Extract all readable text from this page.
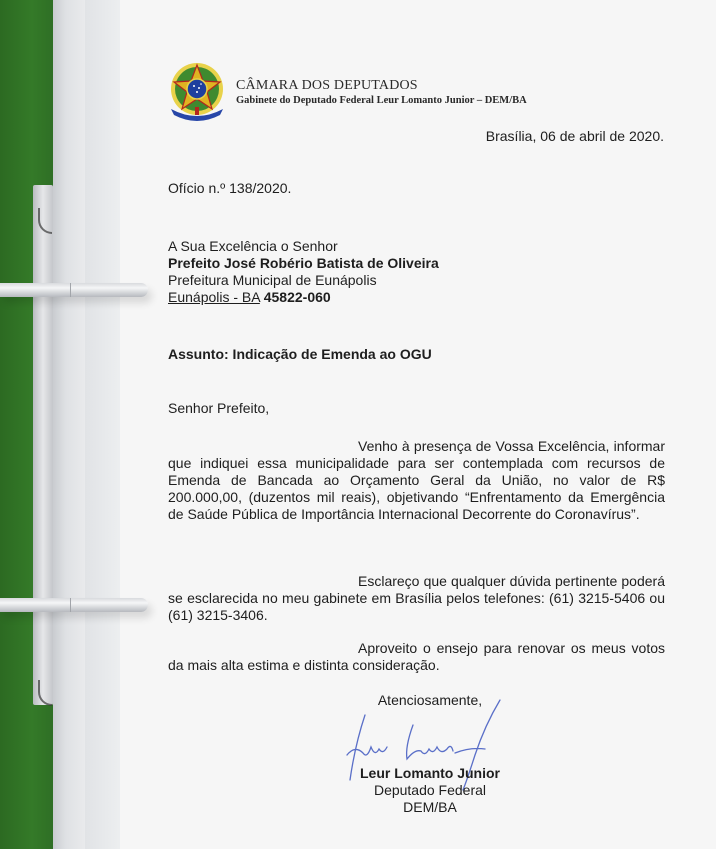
CÂMARA DOS DEPUTADOS
Gabinete do Deputado Federal Leur Lomanto Junior – DEM/BA
Brasília, 06 de abril de 2020.
Ofício n.º 138/2020.
A Sua Excelência o Senhor
Prefeito José Robério Batista de Oliveira
Prefeitura Municipal de Eunápolis
Eunápolis - BA 45822-060
Assunto: Indicação de Emenda ao OGU
Senhor Prefeito,
Venho à presença de Vossa Excelência, informar que indiquei essa municipalidade para ser contemplada com recursos de Emenda de Bancada ao Orçamento Geral da União, no valor de R$ 200.000,00, (duzentos mil reais), objetivando “Enfrentamento da Emergência de Saúde Pública de Importância Internacional Decorrente do Coronavírus”.
Esclareço que qualquer dúvida pertinente poderá se esclarecida no meu gabinete em Brasília pelos telefones: (61) 3215-5406 ou (61) 3215-3406.
Aproveito o ensejo para renovar os meus votos da mais alta estima e distinta consideração.
Atenciosamente,
Leur Lomanto Junior
Deputado Federal
DEM/BA
